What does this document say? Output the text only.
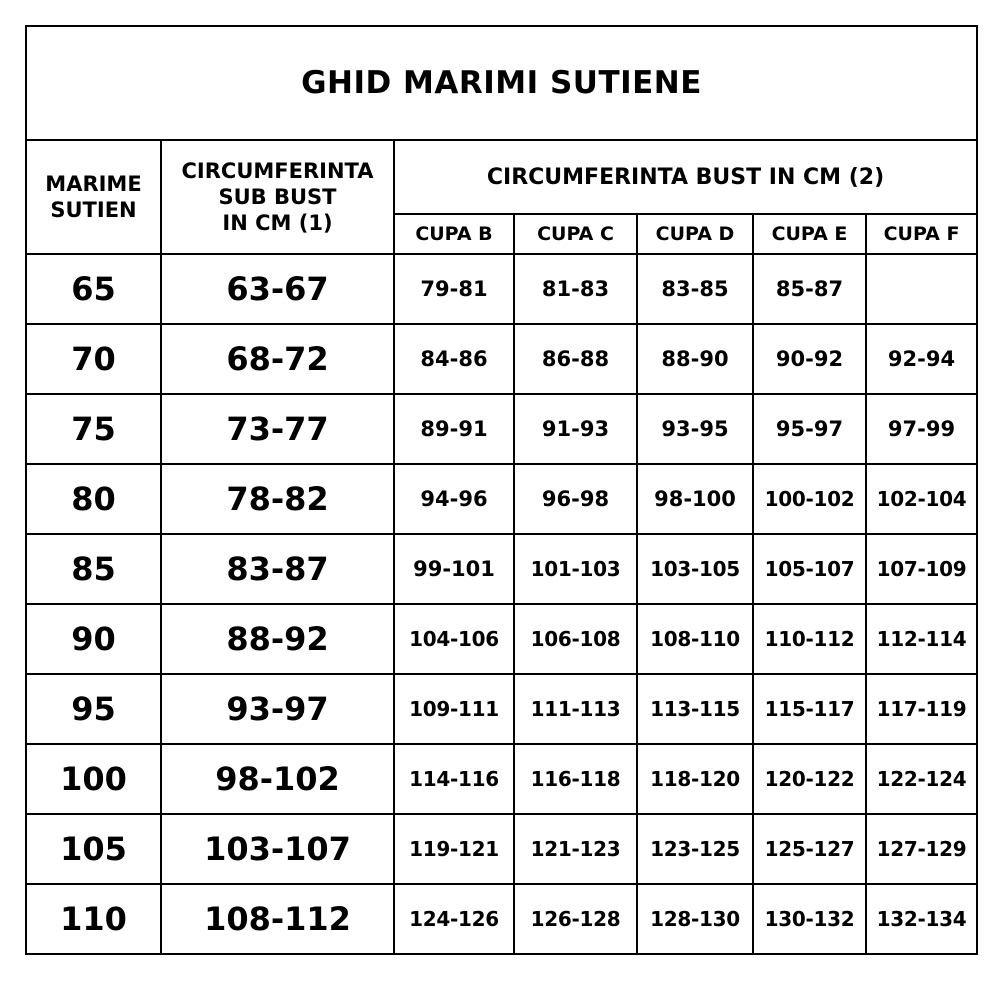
GHID MARIMI SUTIENE						
MARIME
SUTIEN	CIRCUMFERINTA
SUB BUST
IN CM (1)	CIRCUMFERINTA BUST IN CM (2)				
		CUPA B	CUPA C	CUPA D	CUPA E	CUPA F
65	63-67	79-81	81-83	83-85	85-87	
70	68-72	84-86	86-88	88-90	90-92	92-94
75	73-77	89-91	91-93	93-95	95-97	97-99
80	78-82	94-96	96-98	98-100	100-102	102-104
85	83-87	99-101	101-103	103-105	105-107	107-109
90	88-92	104-106	106-108	108-110	110-112	112-114
95	93-97	109-111	111-113	113-115	115-117	117-119
100	98-102	114-116	116-118	118-120	120-122	122-124
105	103-107	119-121	121-123	123-125	125-127	127-129
110	108-112	124-126	126-128	128-130	130-132	132-134
